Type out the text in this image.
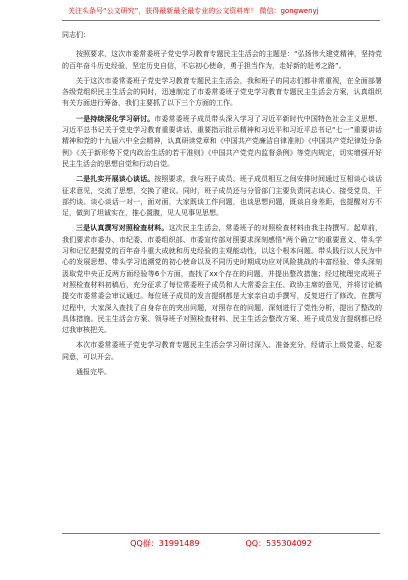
关注头条号“公文研究”，获得最新最全最专业的公文资料库！ 微信：gongwenyj

同志们：

按照要求，这次市委常委班子党史学习教育专题民主生活会的主题是：“弘扬伟大建党精神，坚持党的百年奋斗历史经验，坚定历史自信，不忘初心使命，勇于担当作为，走好新的赶考之路”。

关于这次市委常委班子党史学习教育专题民主生活会，我和班子的同志们都非常重视，在全面部署各级党组织民主生活会的同时，迅速制定了市委常委班子党史学习教育专题民主生活会方案，认真组织有关方面进行筹备，我们主要抓了以下三个方面的工作。

一是持续深化学习研讨。市委常委班子成员带头深入学习了习近平新时代中国特色社会主义思想、习近平总书记关于党史学习教育重要讲话、重要指示批示精神和习近平和习近平总书记“七一”重要讲话精神和党的十九届六中全会精神，认真研读党章和《中国共产党廉洁自律准则》《中国共产党纪律处分条例》《关于新形势下党内政治生活的若干准则》《中国共产党党内监督条例》等党内规定，切实增强开好民主生活会的思想自觉和行动自觉。

二是扎实开展谈心谈话。按照要求，我与班子成员、班子成员相互之间安排时间通过互相谈心谈话征求意见，交流了思想，交换了建议。同时，班子成员还与分管部门主要负责同志谈心、接受党员、干部约谈。谈心谈话一对一，面对面，大家既谈工作问题，也谈思想问题，既谈自身差距，也提醒对方不足，做到了坦诚实在，推心置腹，见人见事见思想。

三是认真撰写对照检查材料。这次民主生活会，常委班子的对照检查材料由我主持撰写。起草前，我们要求市委办、市纪委、市委组织部、市委宣传部对照要求深刻感悟“两个确立”的重要意义、带头学习和记忆把握党的百年奋斗重大成就和历史经验的主观能动性，以这个根本问题。带头践行以人民为中心的发展思想、带头学习追溯党的初心使命以及不同历史时期成功应对风险挑战的丰富经验、带头深刻汲取党中央正反两方面经验等6个方面，查找了xx个存在的问题，并提出整改措施；经过梳理完成班子对照检查材料初稿后，充分征求了每位常委班子成员和人大常委会主任、政协主席的意见，并将讨论稿提交市委常委会审议通过。每位班子成员的发言提纲都是大家亲自动手撰写，反复进行了修改。在撰写过程中，大家深入查找了自身存在的突出问题，对照存在的问题，深刻进行了党性分析，提出了整改的具体措施。民主生活会方案、领导班子对照检查材料、民主生活会整改方案、班子成员发言提纲都已经过我审核把关。

本次市委常委班子党史学习教育专题民主生活会学习研讨深入、准备充分，经请示上级党委、纪委同意，可以开会。

通报完毕。

QQ群：31991489	QQ：535304092
